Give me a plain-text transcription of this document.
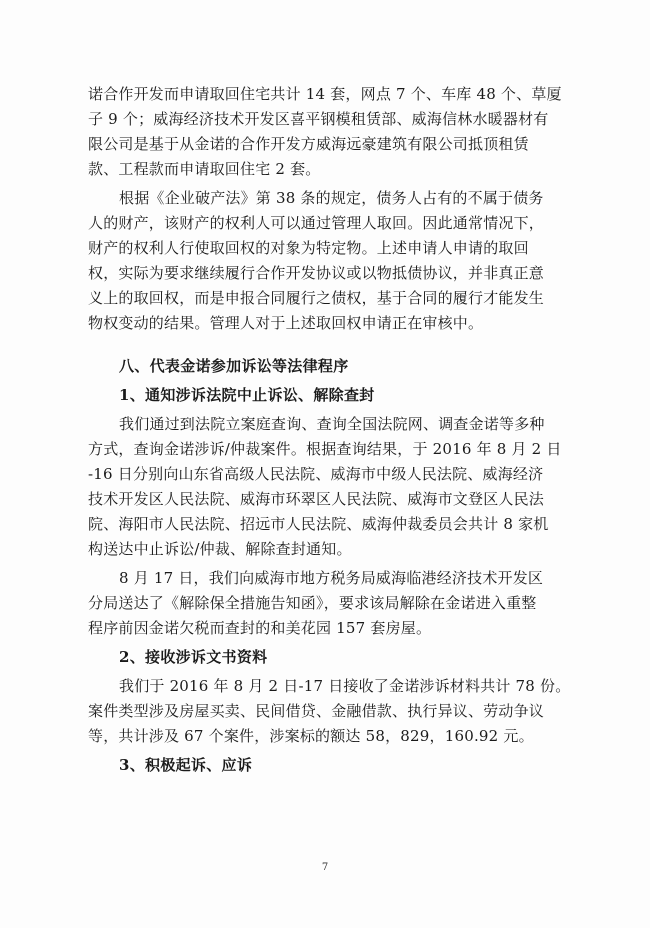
诺合作开发而申请取回住宅共计 14 套，网点 7 个、车库 48 个、草厦
子 9 个；威海经济技术开发区喜平钢模租赁部、威海信林水暖器材有
限公司是基于从金诺的合作开发方威海远豪建筑有限公司抵顶租赁
款、工程款而申请取回住宅 2 套。
根据《企业破产法》第 38 条的规定，债务人占有的不属于债务
人的财产，该财产的权利人可以通过管理人取回。因此通常情况下，
财产的权利人行使取回权的对象为特定物。上述申请人申请的取回
权，实际为要求继续履行合作开发协议或以物抵债协议，并非真正意
义上的取回权，而是申报合同履行之债权，基于合同的履行才能发生
物权变动的结果。管理人对于上述取回权申请正在审核中。
八、代表金诺参加诉讼等法律程序
1、通知涉诉法院中止诉讼、解除查封
我们通过到法院立案庭查询、查询全国法院网、调查金诺等多种
方式，查询金诺涉诉/仲裁案件。根据查询结果，于 2016 年 8 月 2 日
-16 日分别向山东省高级人民法院、威海市中级人民法院、威海经济
技术开发区人民法院、威海市环翠区人民法院、威海市文登区人民法
院、海阳市人民法院、招远市人民法院、威海仲裁委员会共计 8 家机
构送达中止诉讼/仲裁、解除查封通知。
8 月 17 日，我们向威海市地方税务局威海临港经济技术开发区
分局送达了《解除保全措施告知函》，要求该局解除在金诺进入重整
程序前因金诺欠税而查封的和美花园 157 套房屋。
2、接收涉诉文书资料
我们于 2016 年 8 月 2 日-17 日接收了金诺涉诉材料共计 78 份。
案件类型涉及房屋买卖、民间借贷、金融借款、执行异议、劳动争议
等，共计涉及 67 个案件，涉案标的额达 58，829，160.92 元。
3、积极起诉、应诉
7
